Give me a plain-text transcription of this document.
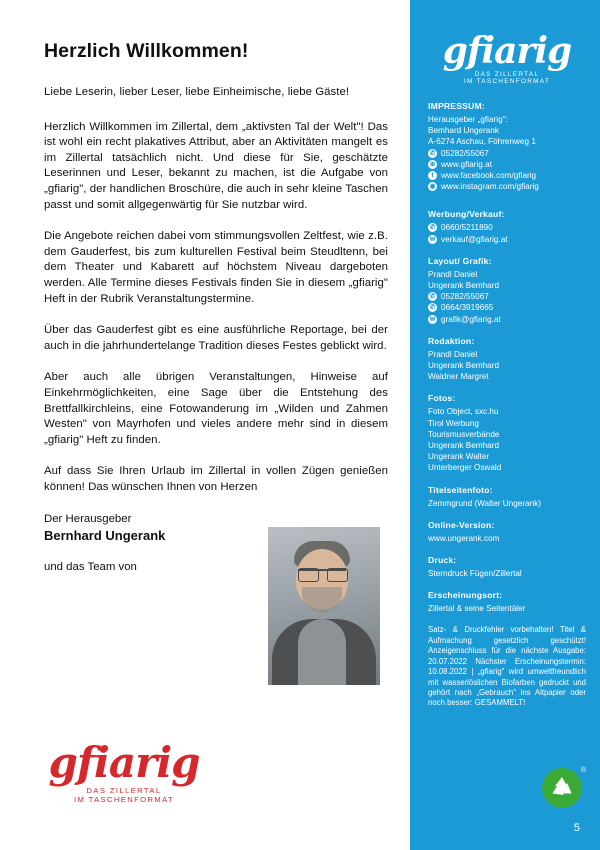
Herzlich Willkommen!

Liebe Leserin, lieber Leser, liebe Einheimische, liebe Gäste!

Herzlich Willkommen im Zillertal, dem „aktivsten Tal der Welt"! Das ist wohl ein recht plakatives Attribut, aber an Aktivitäten mangelt es im Zillertal tatsächlich nicht. Und diese für Sie, geschätzte Leserinnen und Leser, bekannt zu machen, ist die Aufgabe von „gfiarig", der handlichen Broschüre, die auch in sehr kleine Taschen passt und somit allgegenwärtig für Sie nutzbar wird.

Die Angebote reichen dabei vom stimmungsvollen Zeltfest, wie z.B. dem Gauderfest, bis zum kulturellen Festival beim Steudltenn, bei dem Theater und Kabarett auf höchstem Niveau dargeboten werden. Alle Termine dieses Festivals finden Sie in diesem „gfiarig" Heft in der Rubrik Veranstaltungstermine.

Über das Gauderfest gibt es eine ausführliche Reportage, bei der auch in die jahrhundertelange Tradition dieses Festes geblickt wird.

Aber auch alle übrigen Veranstaltungen, Hinweise auf Einkehrmöglichkeiten, eine Sage über die Entstehung des Brettfallkirchleins, eine Fotowanderung im „Wilden und Zahmen Westen" von Mayrhofen und vieles andere mehr sind in diesem „gfiarig" Heft zu finden.

Auf dass Sie Ihren Urlaub im Zillertal in vollen Zügen genießen können! Das wünschen Ihnen von Herzen

Der Herausgeber

Bernhard Ungerank

und das Team von

gfiarig
DAS ZILLERTAL
IM TASCHENFORMAT
gfiarig
DAS ZILLERTAL
IM TASCHENFORMAT
IMPRESSUM:

Herausgeber „gfiarig":

Bemhard Ungerank

A-6274 Aschau, Föhrenweg 1

✆ 05282/55067

⊕ www.gfiarig.at

f www.facebook.com/gfiarig

◉ www.instagram.com/gfiarig

Werbung/Verkauf:

✆ 0660/5211890

✉ verkauf@gfiarig.at

Layout/ Grafik:

Prandl Daniel

Ungerank Bemhard

✆ 05282/55067

✆ 0664/3919665

✉ grafik@gfiarig.at

Redaktion:

Prandl Daniel

Ungerank Bemhard

Waldner Margret

Fotos:

Foto Object, sxc.hu

Tirol Werbung

Tourismusverbände

Ungerank Bemhard

Ungerank Walter

Unterberger Oswald

Titelseitenfoto:

Zemmgrund (Walter Ungerank)

Online-Version:

www.ungerank.com

Druck:

Sterndruck Fügen/Zillertal

Erscheinungsort:

Zillertal & seine Seitentäler

Satz- & Druckfehler vorbehalten! Titel & Aufmachung gesetzlich geschützt! Anzeigenschluss für die nächste Ausgabe: 20.07.2022 Nächster Erscheinungstermin: 10.08.2022 | „gfiarig" wird umweltfreundlich mit wasserlöslichen Biofarben gedruckt und gehört nach „Gebrauch" ins Altpapier oder noch besser: GESAMMELT!

®
5
